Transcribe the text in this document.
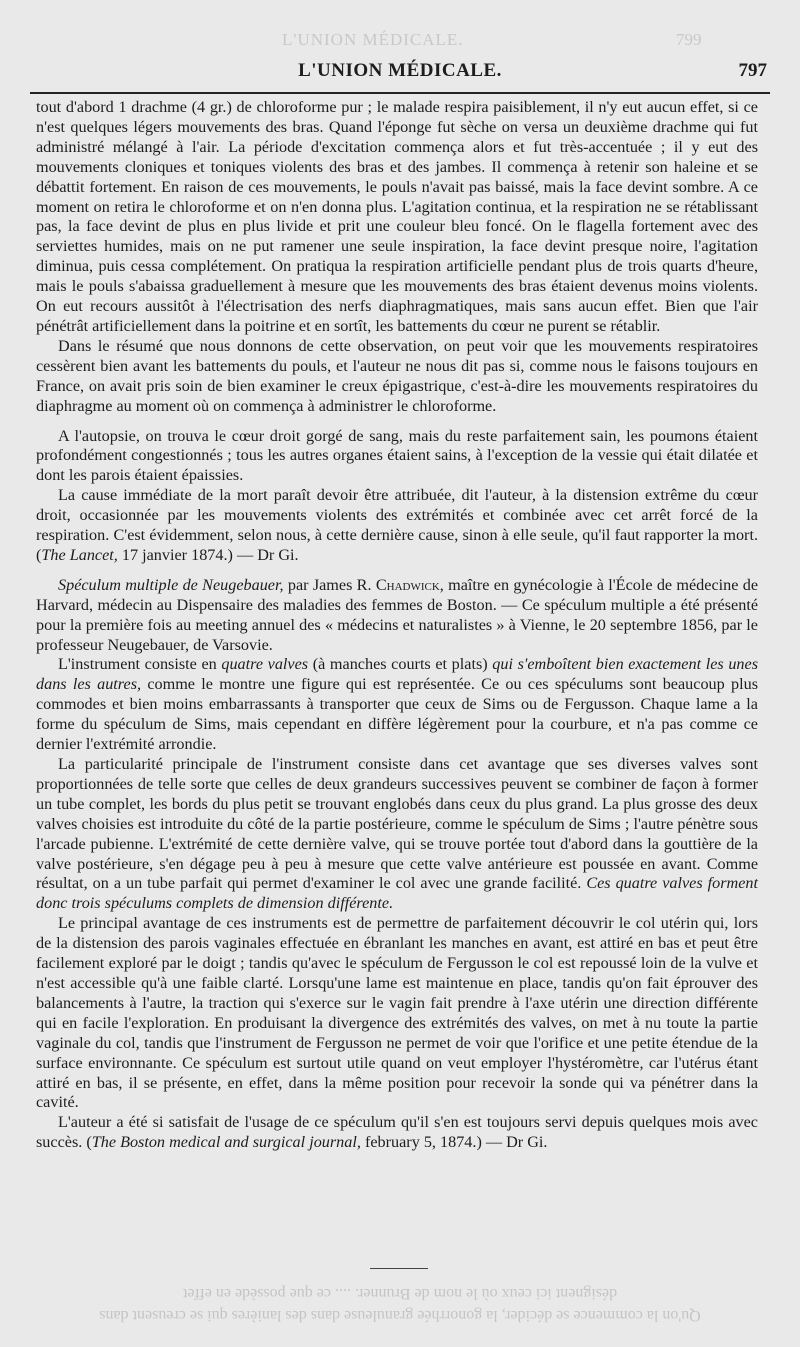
L'UNION MÉDICALE.	799
L'UNION MÉDICALE.	797

tout d'abord 1 drachme (4 gr.) de chloroforme pur ; le malade respira paisiblement, il n'y eut aucun effet, si ce n'est quelques légers mouvements des bras. Quand l'éponge fut sèche on versa un deuxième drachme qui fut administré mélangé à l'air. La période d'excitation commença alors et fut très-accentuée ; il y eut des mouvements cloniques et toniques violents des bras et des jambes. Il commença à retenir son haleine et se débattit fortement. En raison de ces mouvements, le pouls n'avait pas baissé, mais la face devint sombre. A ce moment on retira le chloroforme et on n'en donna plus. L'agitation continua, et la respiration ne se rétablissant pas, la face devint de plus en plus livide et prit une couleur bleu foncé. On le flagella fortement avec des serviettes humides, mais on ne put ramener une seule inspiration, la face devint presque noire, l'agitation diminua, puis cessa complétement. On pratiqua la respiration artificielle pendant plus de trois quarts d'heure, mais le pouls s'abaissa graduellement à mesure que les mouvements des bras étaient devenus moins violents. On eut recours aussitôt à l'électrisation des nerfs diaphragmatiques, mais sans aucun effet. Bien que l'air pénétrât artificiellement dans la poitrine et en sortît, les battements du cœur ne purent se rétablir.

Dans le résumé que nous donnons de cette observation, on peut voir que les mouvements respiratoires cessèrent bien avant les battements du pouls, et l'auteur ne nous dit pas si, comme nous le faisons toujours en France, on avait pris soin de bien examiner le creux épigastrique, c'est-à-dire les mouvements respiratoires du diaphragme au moment où on commença à administrer le chloroforme.

A l'autopsie, on trouva le cœur droit gorgé de sang, mais du reste parfaitement sain, les poumons étaient profondément congestionnés ; tous les autres organes étaient sains, à l'exception de la vessie qui était dilatée et dont les parois étaient épaissies.

La cause immédiate de la mort paraît devoir être attribuée, dit l'auteur, à la distension extrême du cœur droit, occasionnée par les mouvements violents des extrémités et combinée avec cet arrêt forcé de la respiration. C'est évidemment, selon nous, à cette dernière cause, sinon à elle seule, qu'il faut rapporter la mort. (The Lancet, 17 janvier 1874.) — Dr Gi.

Spéculum multiple de Neugebauer, par James R. Chadwick, maître en gynécologie à l'École de médecine de Harvard, médecin au Dispensaire des maladies des femmes de Boston. — Ce spéculum multiple a été présenté pour la première fois au meeting annuel des « médecins et naturalistes » à Vienne, le 20 septembre 1856, par le professeur Neugebauer, de Varsovie.

L'instrument consiste en quatre valves (à manches courts et plats) qui s'emboîtent bien exactement les unes dans les autres, comme le montre une figure qui est représentée. Ce ou ces spéculums sont beaucoup plus commodes et bien moins embarrassants à transporter que ceux de Sims ou de Fergusson. Chaque lame a la forme du spéculum de Sims, mais cependant en diffère légèrement pour la courbure, et n'a pas comme ce dernier l'extrémité arrondie.

La particularité principale de l'instrument consiste dans cet avantage que ses diverses valves sont proportionnées de telle sorte que celles de deux grandeurs successives peuvent se combiner de façon à former un tube complet, les bords du plus petit se trouvant englobés dans ceux du plus grand. La plus grosse des deux valves choisies est introduite du côté de la partie postérieure, comme le spéculum de Sims ; l'autre pénètre sous l'arcade pubienne. L'extrémité de cette dernière valve, qui se trouve portée tout d'abord dans la gouttière de la valve postérieure, s'en dégage peu à peu à mesure que cette valve antérieure est poussée en avant. Comme résultat, on a un tube parfait qui permet d'examiner le col avec une grande facilité. Ces quatre valves forment donc trois spéculums complets de dimension différente.

Le principal avantage de ces instruments est de permettre de parfaitement découvrir le col utérin qui, lors de la distension des parois vaginales effectuée en ébranlant les manches en avant, est attiré en bas et peut être facilement exploré par le doigt ; tandis qu'avec le spéculum de Fergusson le col est repoussé loin de la vulve et n'est accessible qu'à une faible clarté. Lorsqu'une lame est maintenue en place, tandis qu'on fait éprouver des balancements à l'autre, la traction qui s'exerce sur le vagin fait prendre à l'axe utérin une direction différente qui en facile l'exploration. En produisant la divergence des extrémités des valves, on met à nu toute la partie vaginale du col, tandis que l'instrument de Fergusson ne permet de voir que l'orifice et une petite étendue de la surface environnante. Ce spéculum est surtout utile quand on veut employer l'hystéromètre, car l'utérus étant attiré en bas, il se présente, en effet, dans la même position pour recevoir la sonde qui va pénétrer dans la cavité.

L'auteur a été si satisfait de l'usage de ce spéculum qu'il s'en est toujours servi depuis quelques mois avec succès. (The Boston medical and surgical journal, february 5, 1874.) — Dr Gi.

désignent ici ceux où le nom de Brunner. .... ce que possède en effet
Qu'on la commence se décider, la gonorrhée granuleuse dans des lanières qui se creusent dans
